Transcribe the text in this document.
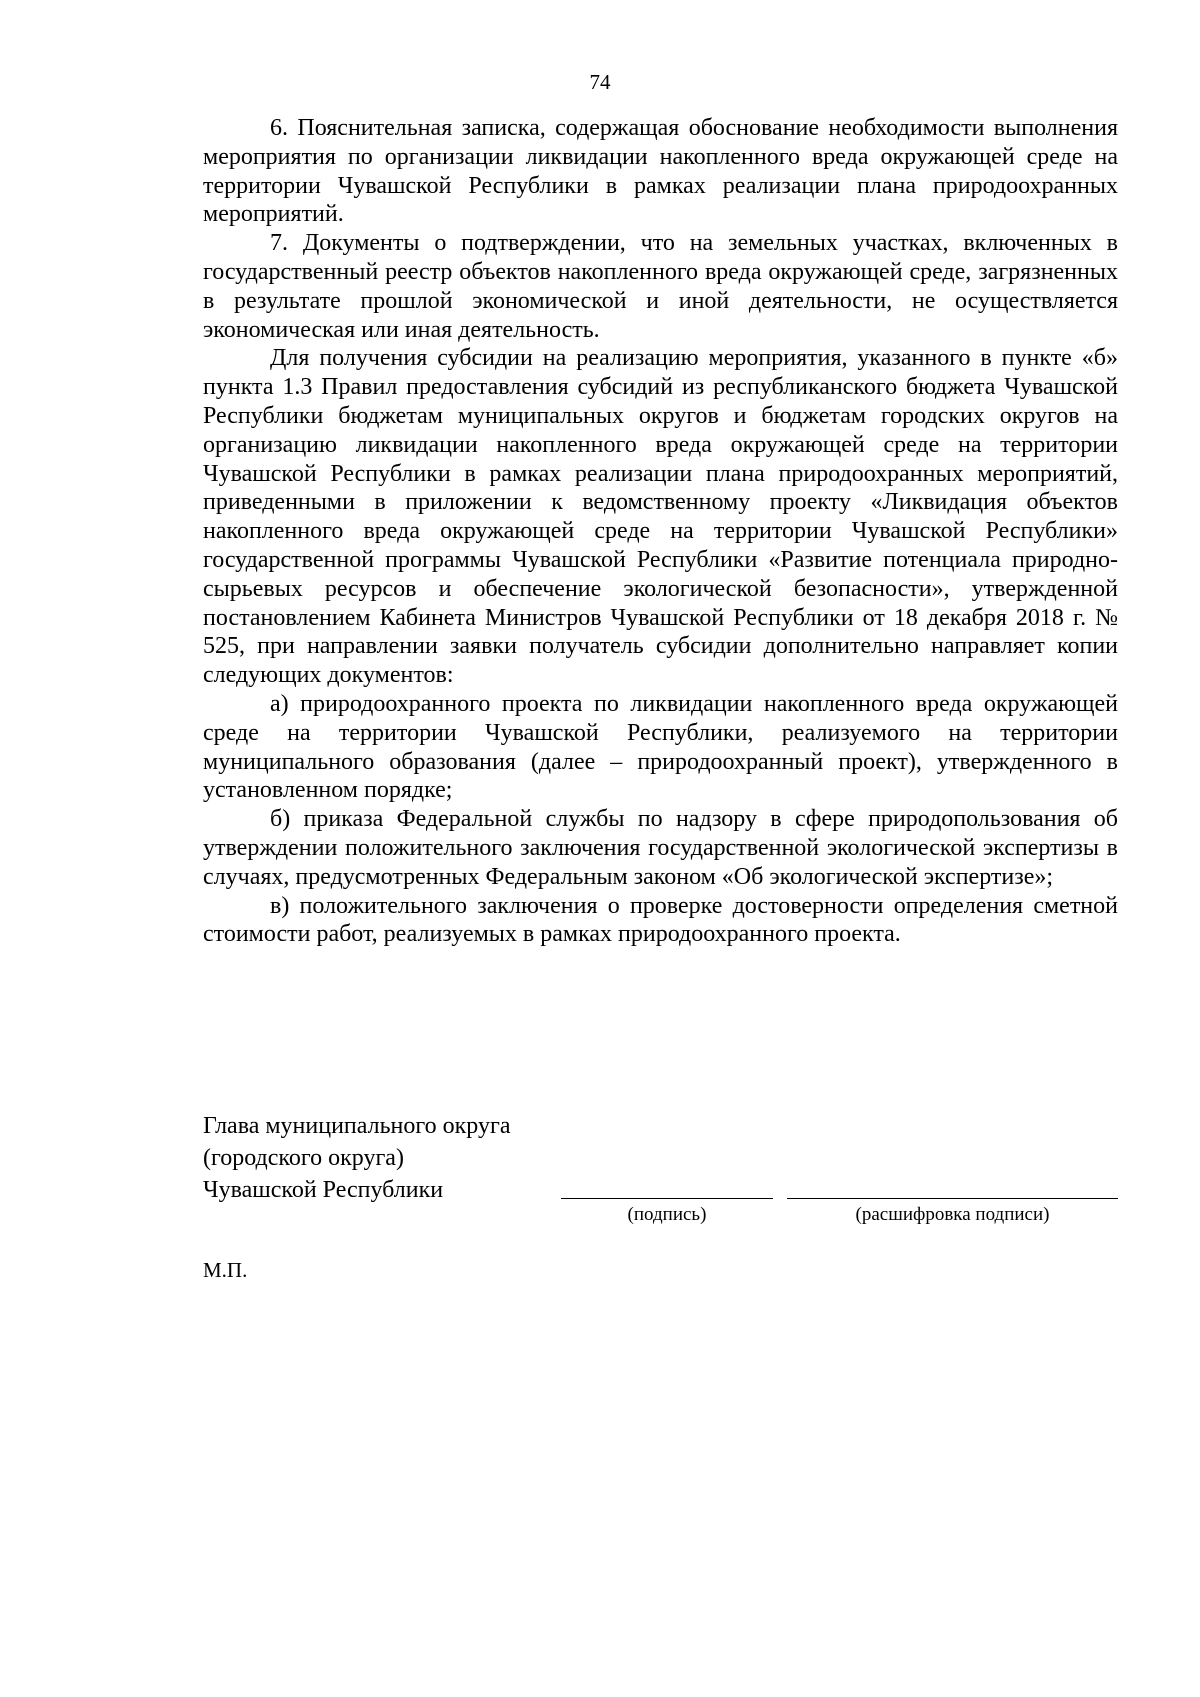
74

6. Пояснительная записка, содержащая обоснование необходимости выполнения мероприятия по организации ликвидации накопленного вреда окружающей среде на территории Чувашской Республики в рамках реализации плана природоохранных мероприятий.

7. Документы о подтверждении, что на земельных участках, включенных в государственный реестр объектов накопленного вреда окружающей среде, загрязненных в результате прошлой экономической и иной деятельности, не осуществляется экономическая или иная деятельность.

Для получения субсидии на реализацию мероприятия, указанного в пункте «б» пункта 1.3 Правил предоставления субсидий из республиканского бюджета Чувашской Республики бюджетам муниципальных округов и бюджетам городских округов на организацию ликвидации накопленного вреда окружающей среде на территории Чувашской Республики в рамках реализации плана природоохранных мероприятий, приведенными в приложении к ведомственному проекту «Ликвидация объектов накопленного вреда окружающей среде на территории Чувашской Республики» государственной программы Чувашской Республики «Развитие потенциала природно-сырьевых ресурсов и обеспечение экологической безопасности», утвержденной постановлением Кабинета Министров Чувашской Республики от 18 декабря 2018 г. № 525, при направлении заявки получатель субсидии дополнительно направляет копии следующих документов:

а) природоохранного проекта по ликвидации накопленного вреда окружающей среде на территории Чувашской Республики, реализуемого на территории муниципального образования (далее – природоохранный проект), утвержденного в установленном порядке;

б) приказа Федеральной службы по надзору в сфере природопользования об утверждении положительного заключения государственной экологической экспертизы в случаях, предусмотренных Федеральным законом «Об экологической экспертизе»;

в) положительного заключения о проверке достоверности определения сметной стоимости работ, реализуемых в рамках природоохранного проекта.

Глава муниципального округа
(городского округа)
Чувашской Республики
(подпись)	(расшифровка подписи)
М.П.
